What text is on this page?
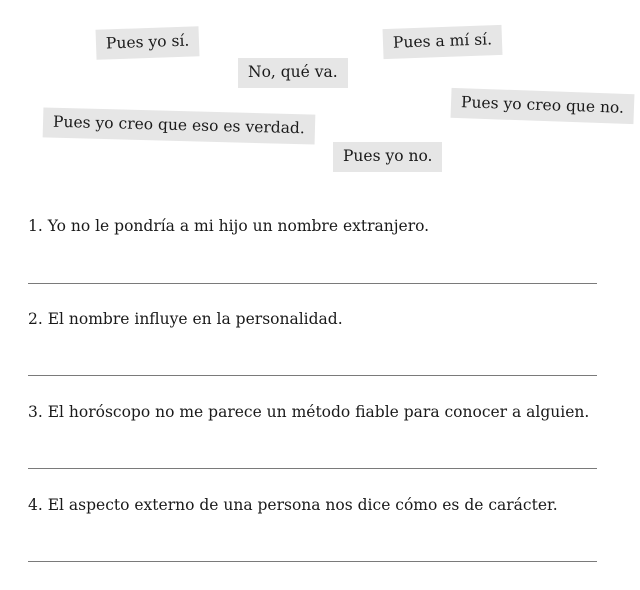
Pues yo sí.	Pues a mí sí.
No, qué va.
Pues yo creo que no.
Pues yo creo que eso es verdad.
Pues yo no.
1. Yo no le pondría a mi hijo un nombre extranjero.
2. El nombre influye en la personalidad.
3. El horóscopo no me parece un método fiable para conocer a alguien.
4. El aspecto externo de una persona nos dice cómo es de carácter.
